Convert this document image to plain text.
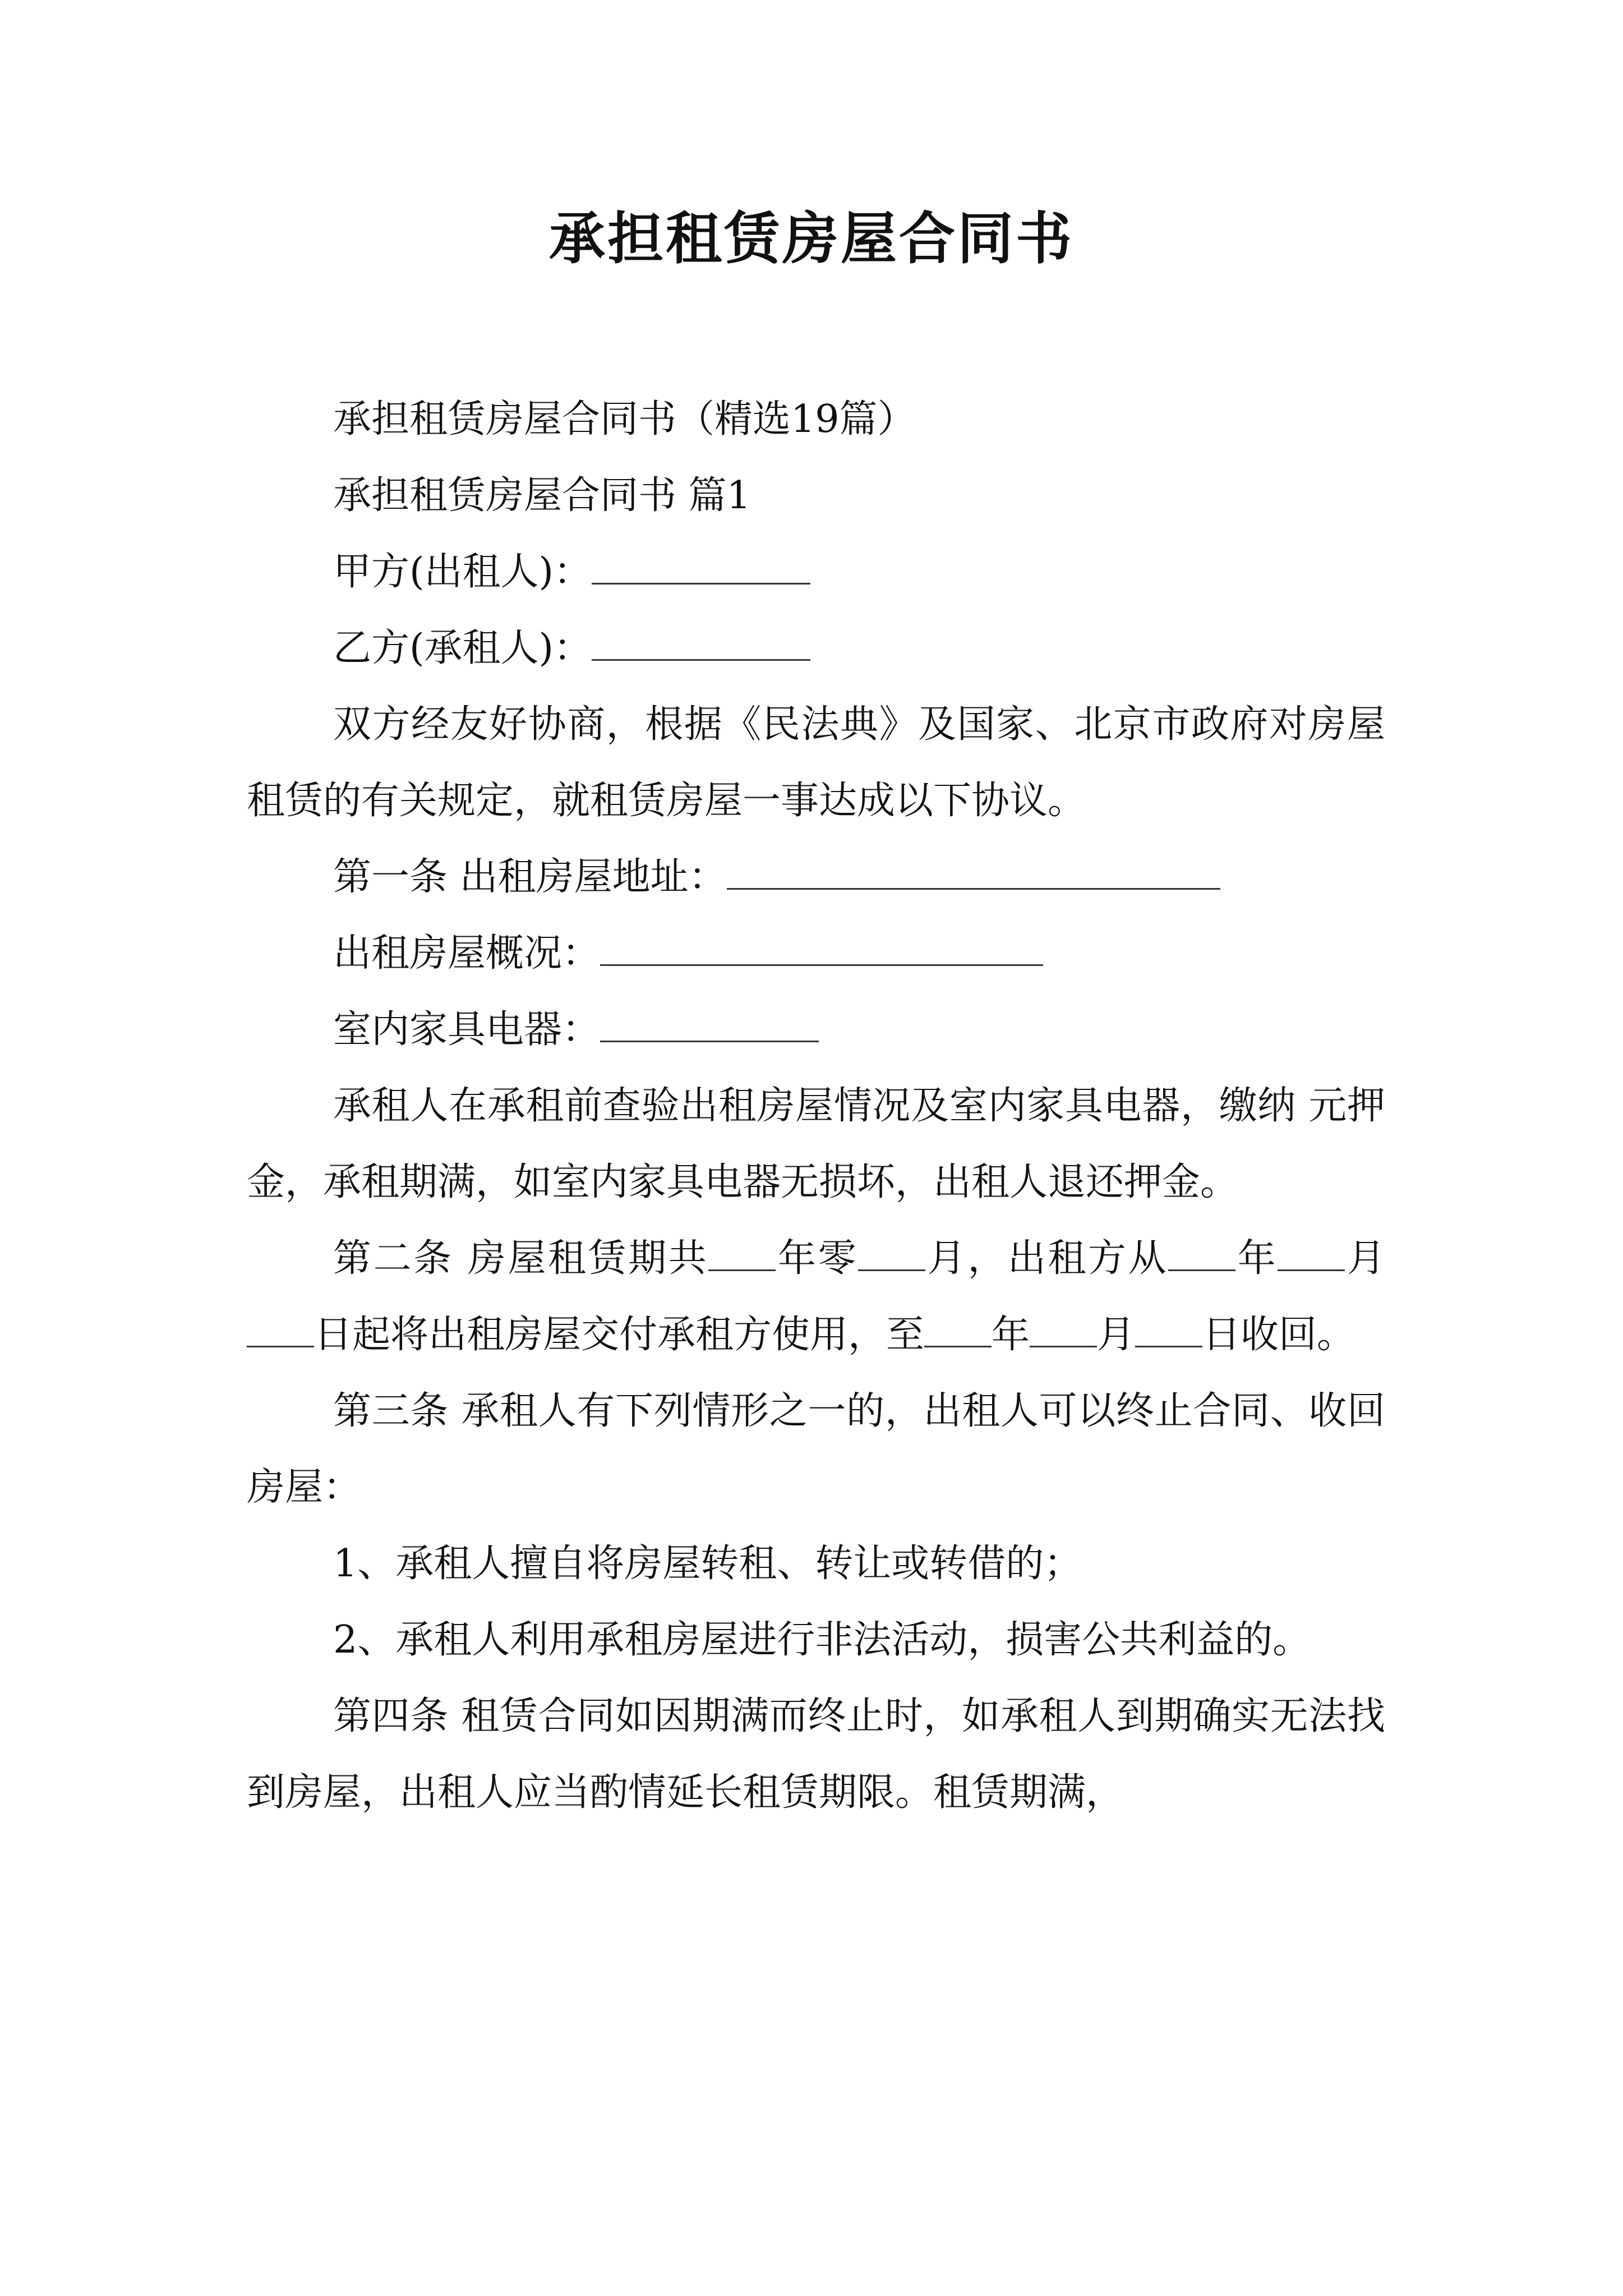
承担租赁房屋合同书

承担租赁房屋合同书（精选19篇）

承担租赁房屋合同书 篇1

甲方(出租人)：

乙方(承租人)：

双方经友好协商，根据《民法典》及国家、北京市政府对房屋租赁的有关规定，就租赁房屋一事达成以下协议。

第一条 出租房屋地址：

出租房屋概况：

室内家具电器：

承租人在承租前查验出租房屋情况及室内家具电器，缴纳 元押金，承租期满，如室内家具电器无损坏，出租人退还押金。

第二条 房屋租赁期共 年零 月，出租方从 年 月日起将出租房屋交付承租方使用，至 年 月 日收回。

第三条 承租人有下列情形之一的，出租人可以终止合同、收回房屋：

1、承租人擅自将房屋转租、转让或转借的；

2、承租人利用承租房屋进行非法活动，损害公共利益的。

第四条 租赁合同如因期满而终止时，如承租人到期确实无法找到房屋，出租人应当酌情延长租赁期限。租赁期满，
